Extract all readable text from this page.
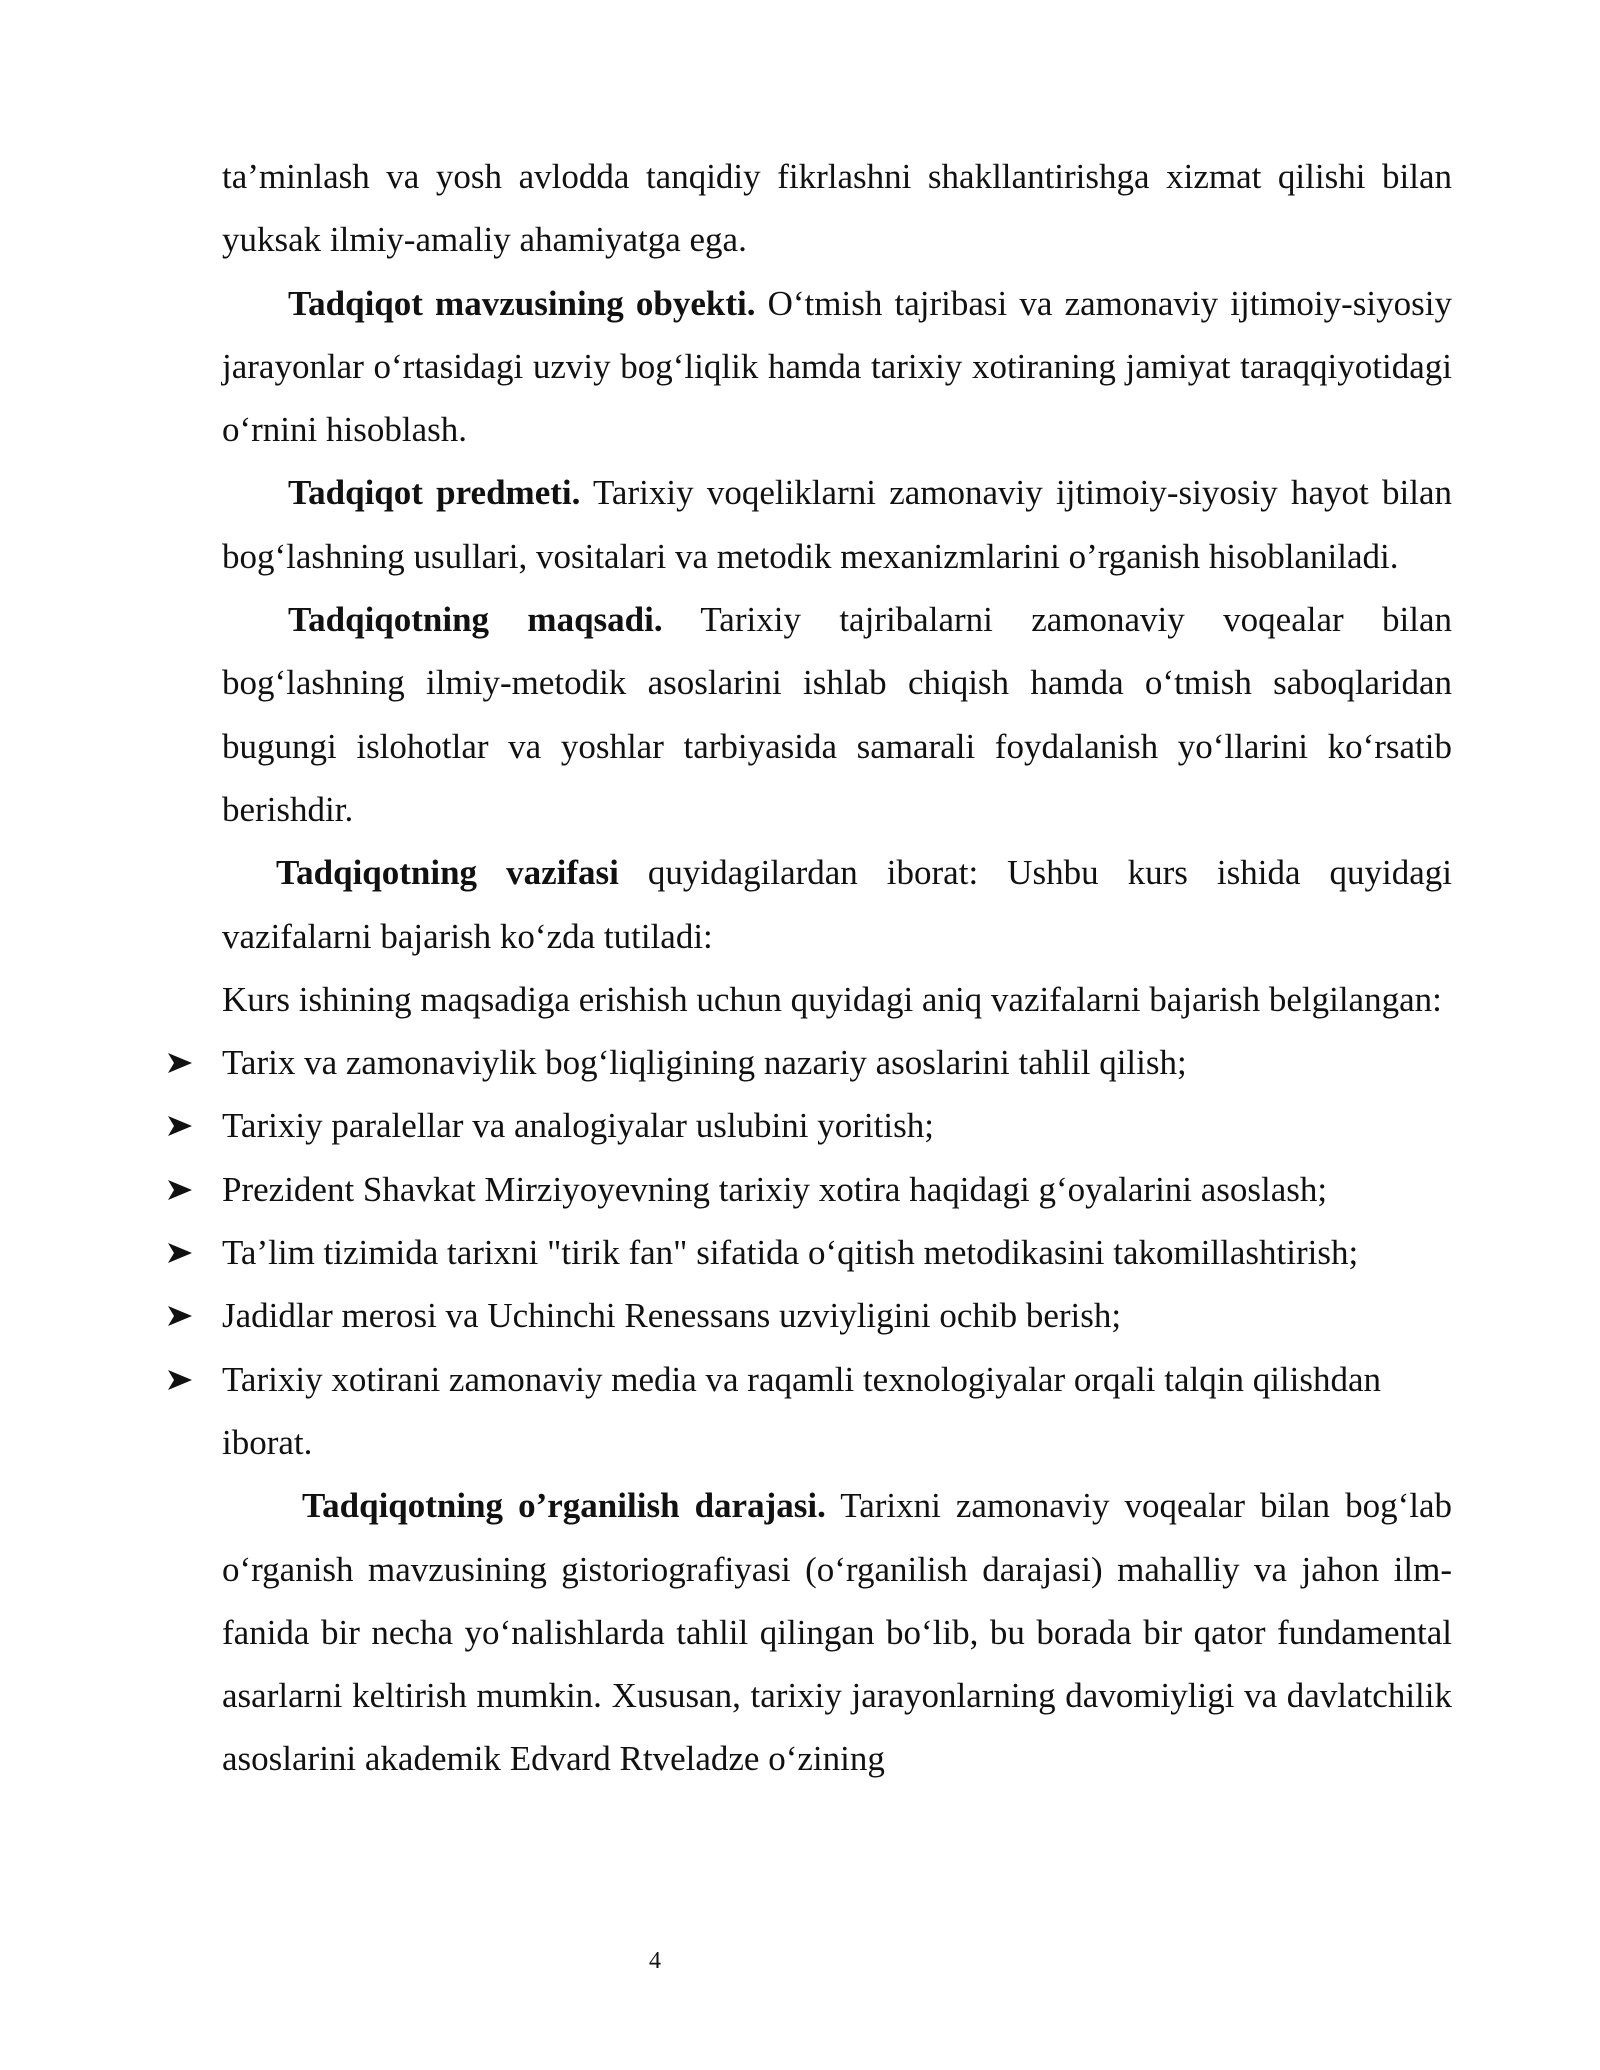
ta’minlash va yosh avlodda tanqidiy fikrlashni shakllantirishga xizmat qilishi bilan yuksak ilmiy-amaliy ahamiyatga ega.

Tadqiqot mavzusining obyekti. O‘tmish tajribasi va zamonaviy ijtimoiy-siyosiy jarayonlar o‘rtasidagi uzviy bog‘liqlik hamda tarixiy xotiraning jamiyat taraqqiyotidagi o‘rnini hisoblash.

Tadqiqot predmeti. Tarixiy voqeliklarni zamonaviy ijtimoiy-siyosiy hayot bilan bog‘lashning usullari, vositalari va metodik mexanizmlarini o’rganish hisoblaniladi.

Tadqiqotning maqsadi. Tarixiy tajribalarni zamonaviy voqealar bilan bog‘lashning ilmiy-metodik asoslarini ishlab chiqish hamda o‘tmish saboqlaridan bugungi islohotlar va yoshlar tarbiyasida samarali foydalanish yo‘llarini ko‘rsatib berishdir.

Tadqiqotning vazifasi quyidagilardan iborat: Ushbu kurs ishida quyidagi vazifalarni bajarish ko‘zda tutiladi:

Kurs ishining maqsadiga erishish uchun quyidagi aniq vazifalarni bajarish belgilangan:

Tarix va zamonaviylik bog‘liqligining nazariy asoslarini tahlil qilish;
Tarixiy paralellar va analogiyalar uslubini yoritish;
Prezident Shavkat Mirziyoyevning tarixiy xotira haqidagi g‘oyalarini asoslash;
Ta’lim tizimida tarixni "tirik fan" sifatida o‘qitish metodikasini takomillashtirish;
Jadidlar merosi va Uchinchi Renessans uzviyligini ochib berish;
Tarixiy xotirani zamonaviy media va raqamli texnologiyalar orqali talqin qilishdan iborat.

Tadqiqotning o’rganilish darajasi. Tarixni zamonaviy voqealar bilan bog‘lab o‘rganish mavzusining gistoriografiyasi (o‘rganilish darajasi) mahalliy va jahon ilm-fanida bir necha yo‘nalishlarda tahlil qilingan bo‘lib, bu borada bir qator fundamental asarlarni keltirish mumkin. Xususan, tarixiy jarayonlarning davomiyligi va davlatchilik asoslarini akademik Edvard Rtveladze o‘zining

4
